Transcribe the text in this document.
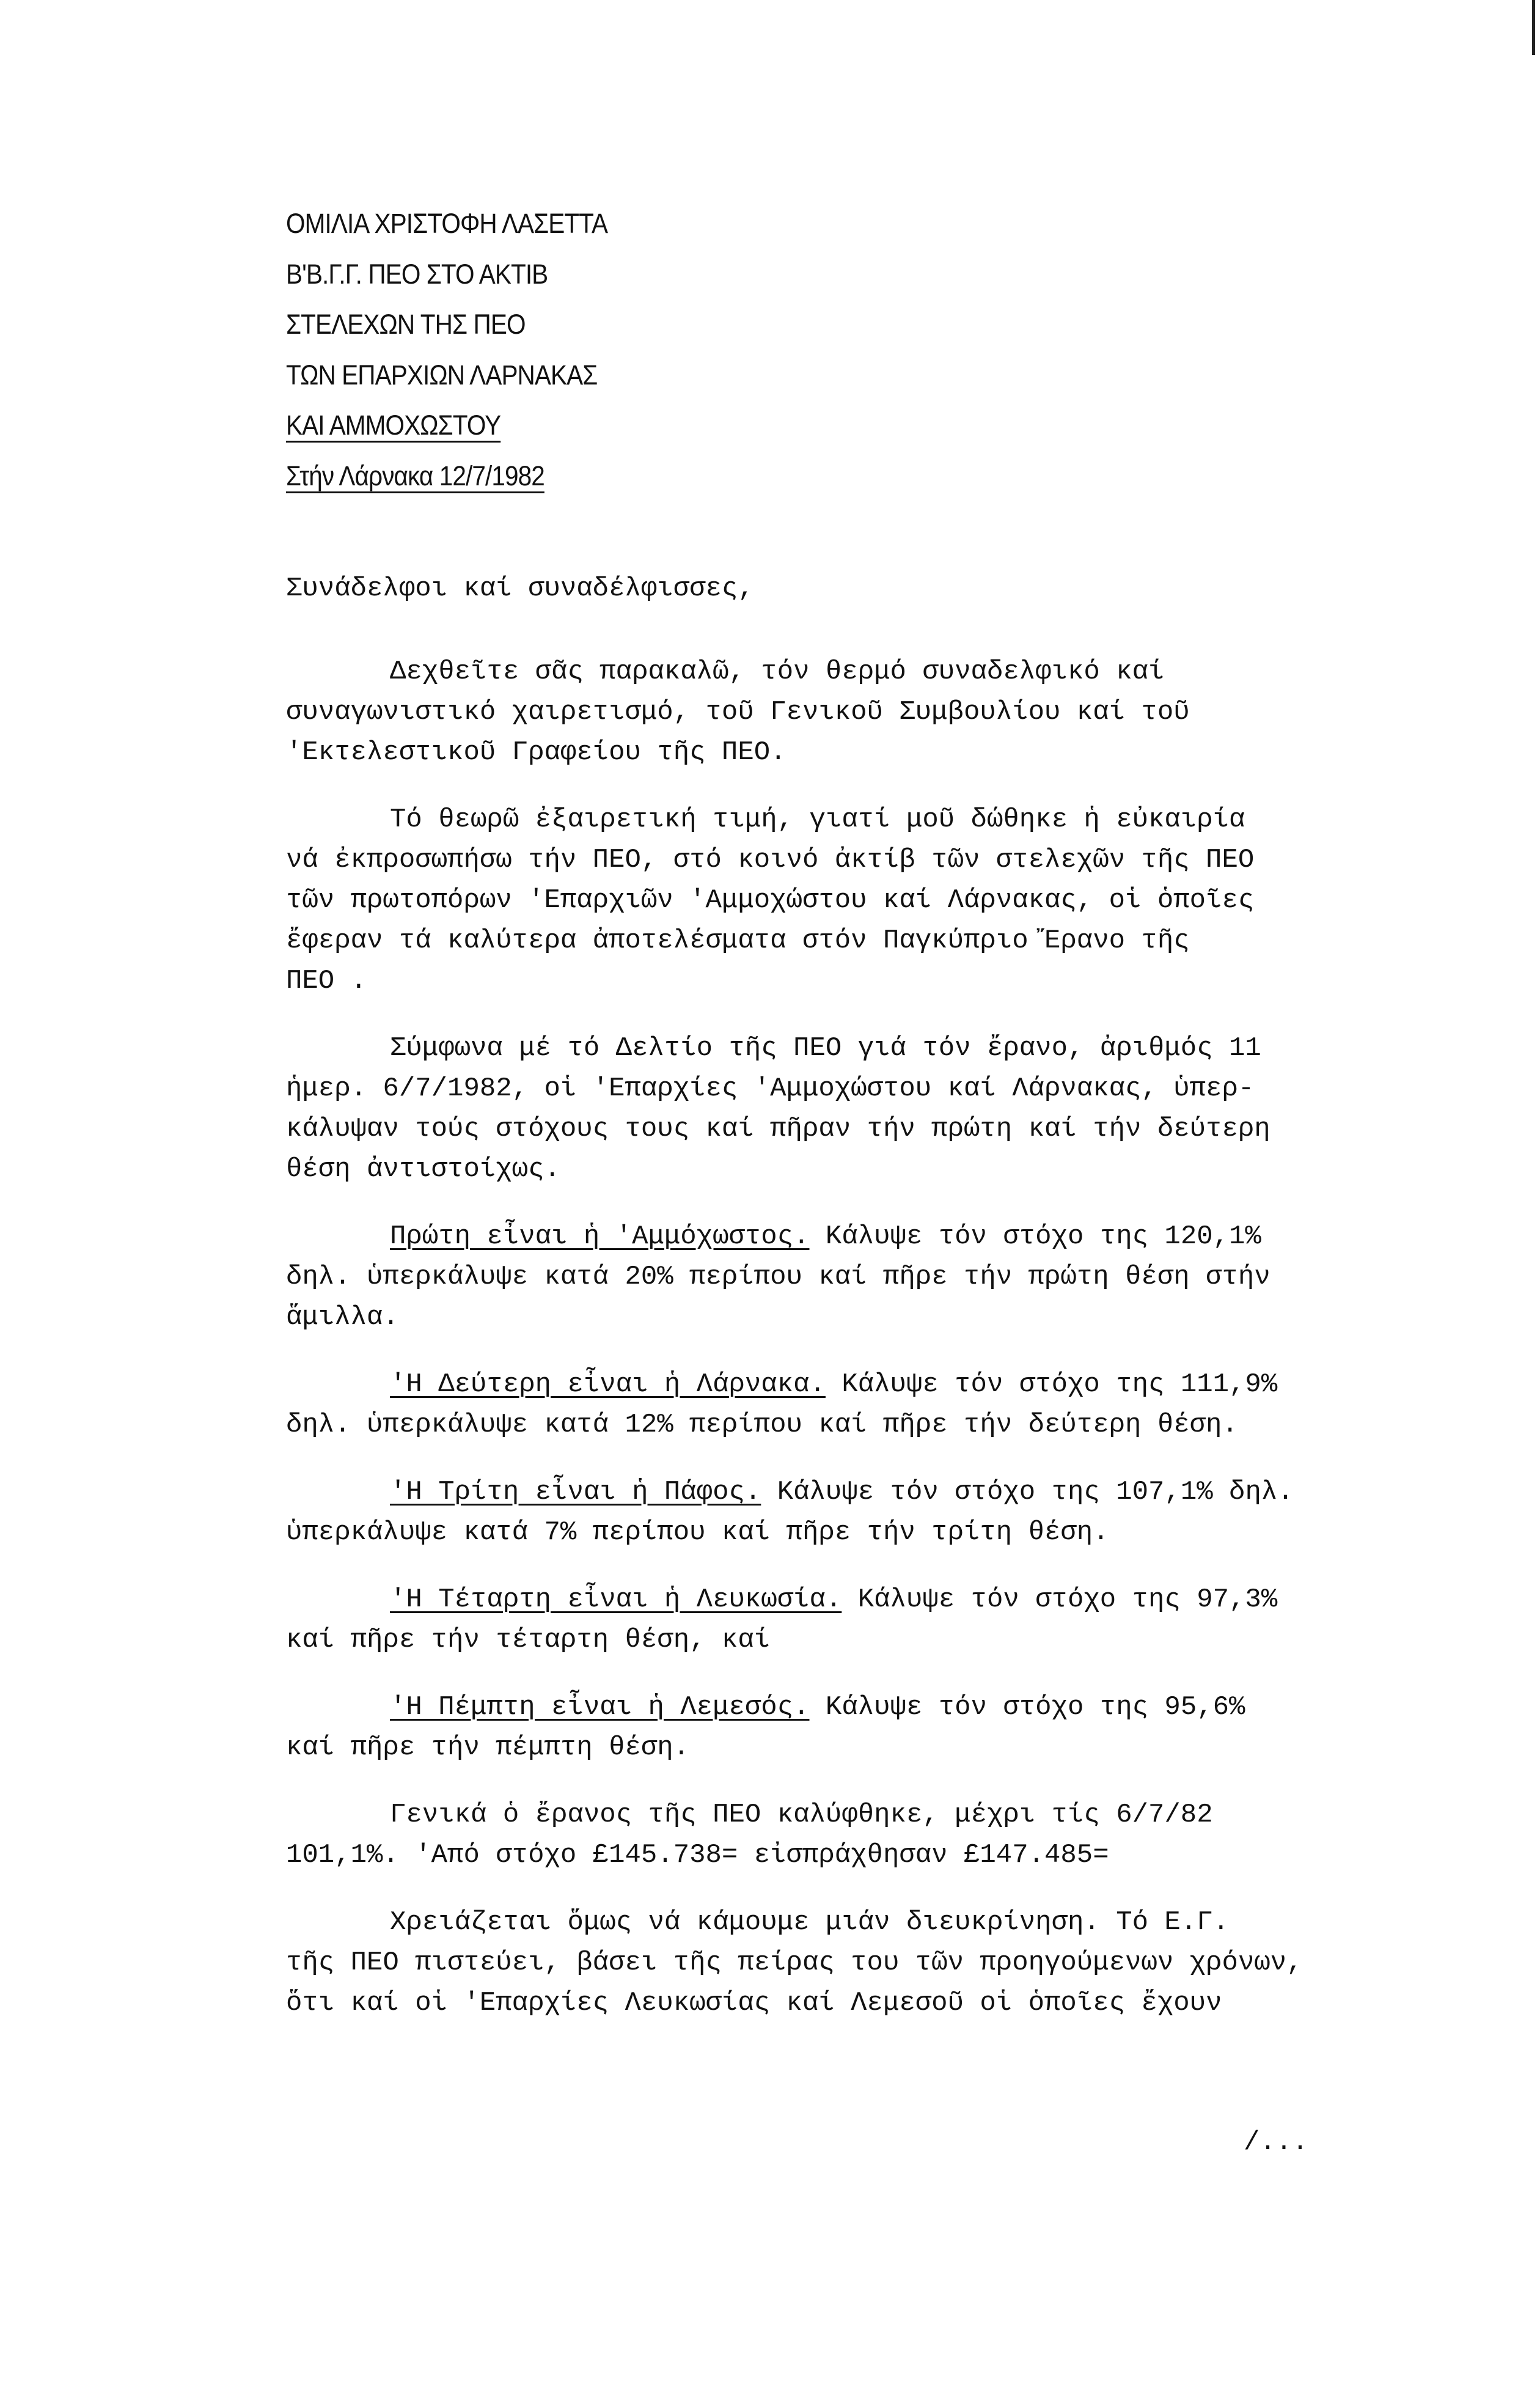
ΟΜΙΛΙΑ ΧΡΙΣΤΟΦΗ ΛΑΣΕΤΤΑ
Β'Β.Γ.Γ. ΠΕΟ ΣΤΟ ΑΚΤΙΒ
ΣΤΕΛΕΧΩΝ ΤΗΣ ΠΕΟ
ΤΩΝ ΕΠΑΡΧΙΩΝ ΛΑΡΝΑΚΑΣ
ΚΑΙ ΑΜΜΟΧΩΣΤΟΥ
Στήν Λάρνακα 12/7/1982

Συνάδελφοι καί συναδέλφισσες,

Δεχθεῖτε σᾶς παρακαλῶ, τόν θερμό συναδελφικό καί

συναγωνιστικό χαιρετισμό, τοῦ Γενικοῦ Συμβουλίου καί τοῦ

'Εκτελεστικοῦ Γραφείου τῆς ΠΕΟ.

Τό θεωρῶ ἐξαιρετική τιμή, γιατί μοῦ δώθηκε ἡ εὐκαιρία

νά ἐκπροσωπήσω τήν ΠΕΟ, στό κοινό ἀκτίβ τῶν στελεχῶν τῆς ΠΕΟ

τῶν πρωτοπόρων 'Επαρχιῶν 'Αμμοχώστου καί Λάρνακας, οἱ ὁποῖες

ἔφεραν τά καλύτερα ἀποτελέσματα στόν Παγκύπριο Ἔρανο τῆς

ΠΕΟ .

Σύμφωνα μέ τό Δελτίο τῆς ΠΕΟ γιά τόν ἔρανο, ἀριθμός 11

ἡμερ. 6/7/1982, οἱ 'Επαρχίες 'Αμμοχώστου καί Λάρνακας, ὑπερ-

κάλυψαν τούς στόχους τους καί πῆραν τήν πρώτη καί τήν δεύτερη

θέση ἀντιστοίχως.

Πρώτη εἶναι ἡ 'Αμμόχωστος. Κάλυψε τόν στόχο της 120,1%

δηλ. ὑπερκάλυψε κατά 20% περίπου καί πῆρε τήν πρώτη θέση στήν

ἅμιλλα.

'Η Δεύτερη εἶναι ἡ Λάρνακα. Κάλυψε τόν στόχο της 111,9%

δηλ. ὑπερκάλυψε κατά 12% περίπου καί πῆρε τήν δεύτερη θέση.

'Η Τρίτη εἶναι ἡ Πάφος. Κάλυψε τόν στόχο της 107,1% δηλ.

ὑπερκάλυψε κατά 7% περίπου καί πῆρε τήν τρίτη θέση.

'Η Τέταρτη εἶναι ἡ Λευκωσία. Κάλυψε τόν στόχο της 97,3%

καί πῆρε τήν τέταρτη θέση, καί

'Η Πέμπτη εἶναι ἡ Λεμεσός. Κάλυψε τόν στόχο της 95,6%

καί πῆρε τήν πέμπτη θέση.

Γενικά ὁ ἔρανος τῆς ΠΕΟ καλύφθηκε, μέχρι τίς 6/7/82

101,1%. 'Από στόχο £145.738= εἰσπράχθησαν £147.485=

Χρειάζεται ὅμως νά κάμουμε μιάν διευκρίνηση. Τό Ε.Γ.

τῆς ΠΕΟ πιστεύει, βάσει τῆς πείρας του τῶν προηγούμενων χρόνων,

ὅτι καί οἱ 'Επαρχίες Λευκωσίας καί Λεμεσοῦ οἱ ὁποῖες ἔχουν

/...
